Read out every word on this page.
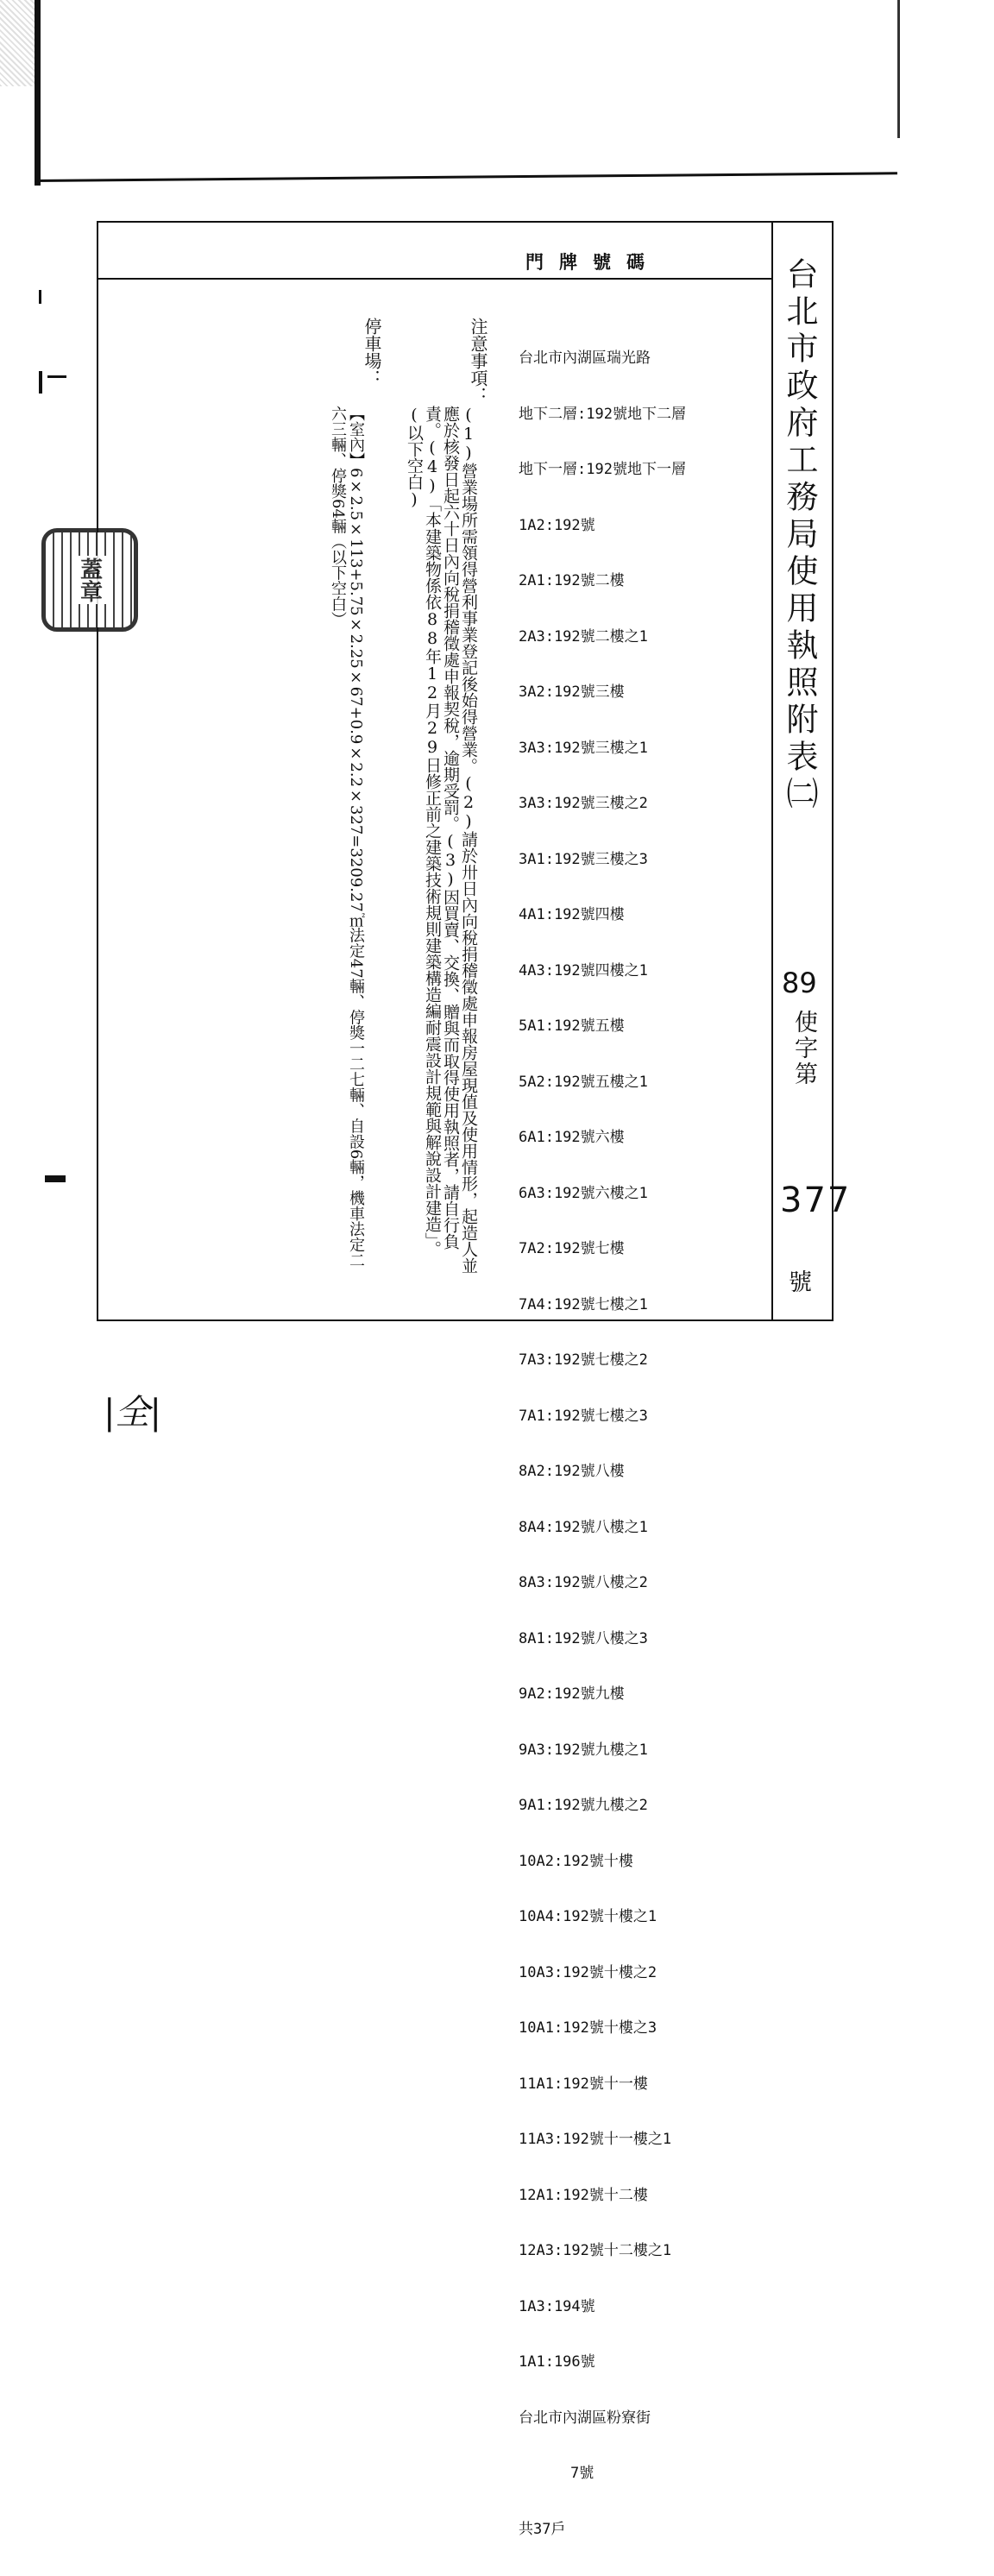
門牌號碼	台北市政府工務局使用執照附表㈡
89
使字第
377
號

台北市內湖區瑞光路

地下二層:192號地下二層

地下一層:192號地下一層

1A2:192號

2A1:192號二樓

2A3:192號二樓之1

3A2:192號三樓

3A3:192號三樓之1

3A3:192號三樓之2

3A1:192號三樓之3

4A1:192號四樓

4A3:192號四樓之1

5A1:192號五樓

5A2:192號五樓之1

6A1:192號六樓

6A3:192號六樓之1

7A2:192號七樓

7A4:192號七樓之1

7A3:192號七樓之2

7A1:192號七樓之3

8A2:192號八樓

8A4:192號八樓之1

8A3:192號八樓之2

8A1:192號八樓之3

9A2:192號九樓

9A3:192號九樓之1

9A1:192號九樓之2

10A2:192號十樓

10A4:192號十樓之1

10A3:192號十樓之2

10A1:192號十樓之3

11A1:192號十一樓

11A3:192號十一樓之1

12A1:192號十二樓

12A3:192號十二樓之1

1A3:194號

1A1:196號

台北市內湖區粉寮街

7號

共37戶

注意事項：
(1)營業場所需領得營利事業登記後始得營業。(2)請於卅日內向稅捐稽徵處申報房屋現值及使用情形，起造人並應於核發日起六十日內向稅捐稽徵處申報契稅，逾期受罰。(3)因買賣、交換、贈與而取得使用執照者，請自行負責。(4)「本建築物係依88年12月29日修正前之建築技術規則建築構造編耐震設計規範與解說設計建造」。(以下空白)
停車場：
【室內】6×2.5×113+5.75×2.25×67+0.9×2.2×327=3209.27㎡法定47輛、停獎一二七輛、自設6輛，機車法定二六三輛、停獎64輛（以下空白）
蓋章
|全|
